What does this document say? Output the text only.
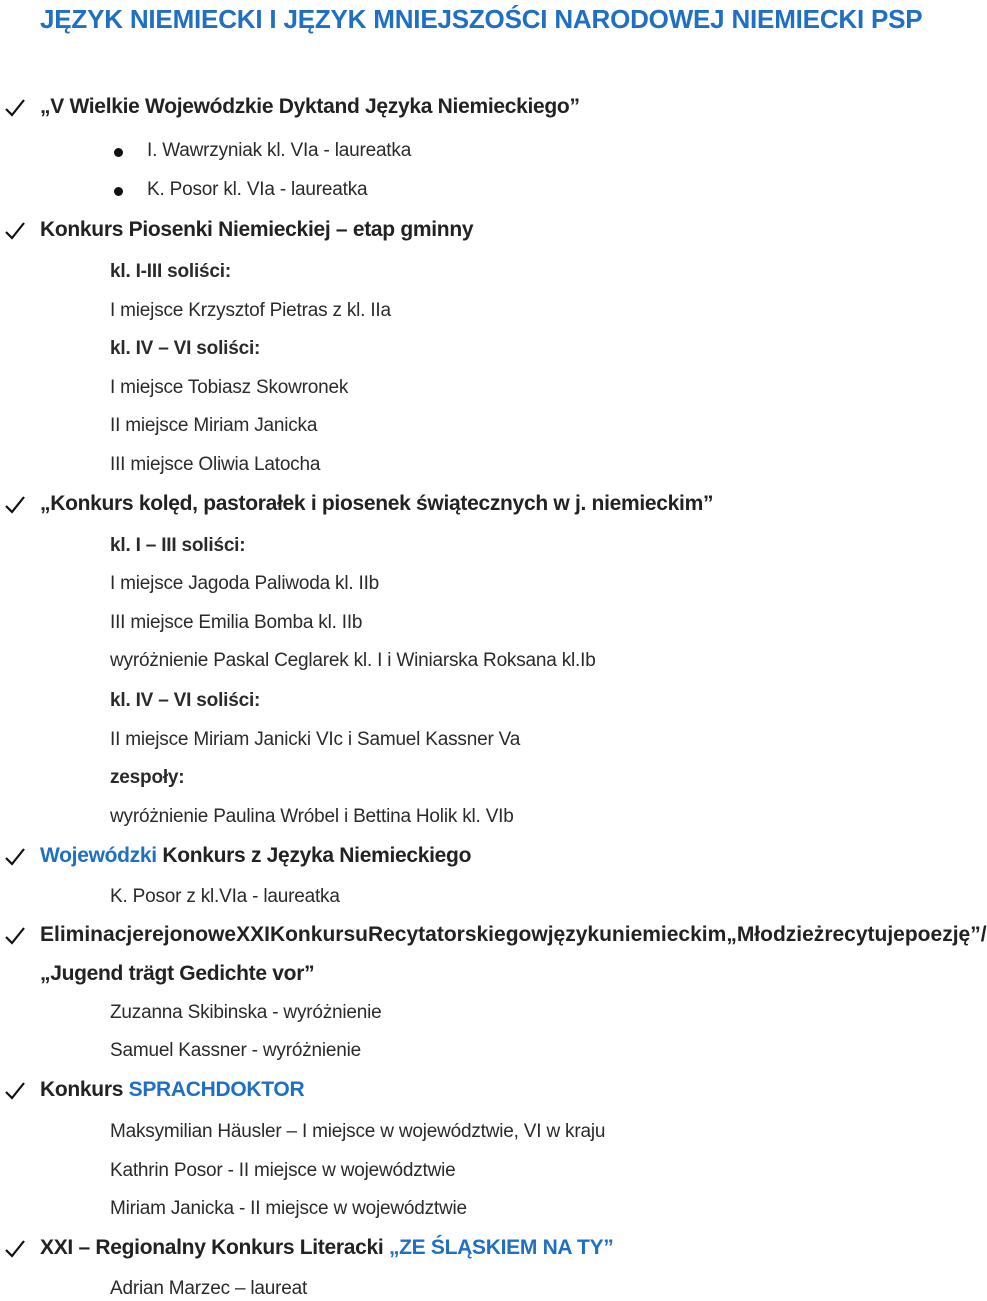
JĘZYK NIEMIECKI I JĘZYK MNIEJSZOŚCI NARODOWEJ NIEMIECKI PSP
„V Wielkie Wojewódzkie Dyktand Języka Niemieckiego”
I. Wawrzyniak kl. VIa - laureatka
K. Posor kl. VIa - laureatka
Konkurs Piosenki Niemieckiej – etap gminny
kl. I-III soliści:
I miejsce Krzysztof Pietras z kl. IIa
kl. IV – VI soliści:
I miejsce Tobiasz Skowronek
II miejsce Miriam Janicka
III miejsce Oliwia Latocha
„Konkurs kolęd, pastorałek i piosenek świątecznych w j. niemieckim”
kl. I – III soliści:
I miejsce Jagoda Paliwoda kl. IIb
III miejsce Emilia Bomba kl. IIb
wyróżnienie Paskal Ceglarek kl. I i Winiarska Roksana kl.Ib
kl. IV – VI soliści:
II miejsce Miriam Janicki VIc i Samuel Kassner Va
zespoły:
wyróżnienie Paulina Wróbel i Bettina Holik kl. VIb
Wojewódzki Konkurs z Języka Niemieckiego
K. Posor z kl.VIa - laureatka
Eliminacje rejonowe XXI Konkursu Recytatorskiego w języku niemieckim „Młodzież recytuje poezję” /
„Jugend trägt Gedichte vor”
Zuzanna Skibinska - wyróżnienie
Samuel Kassner - wyróżnienie
Konkurs SPRACHDOKTOR
Maksymilian Häusler – I miejsce w województwie, VI w kraju
Kathrin Posor - II miejsce w województwie
Miriam Janicka - II miejsce w województwie
XXI – Regionalny Konkurs Literacki „ZE ŚLĄSKIEM NA TY”
Adrian Marzec – laureat
